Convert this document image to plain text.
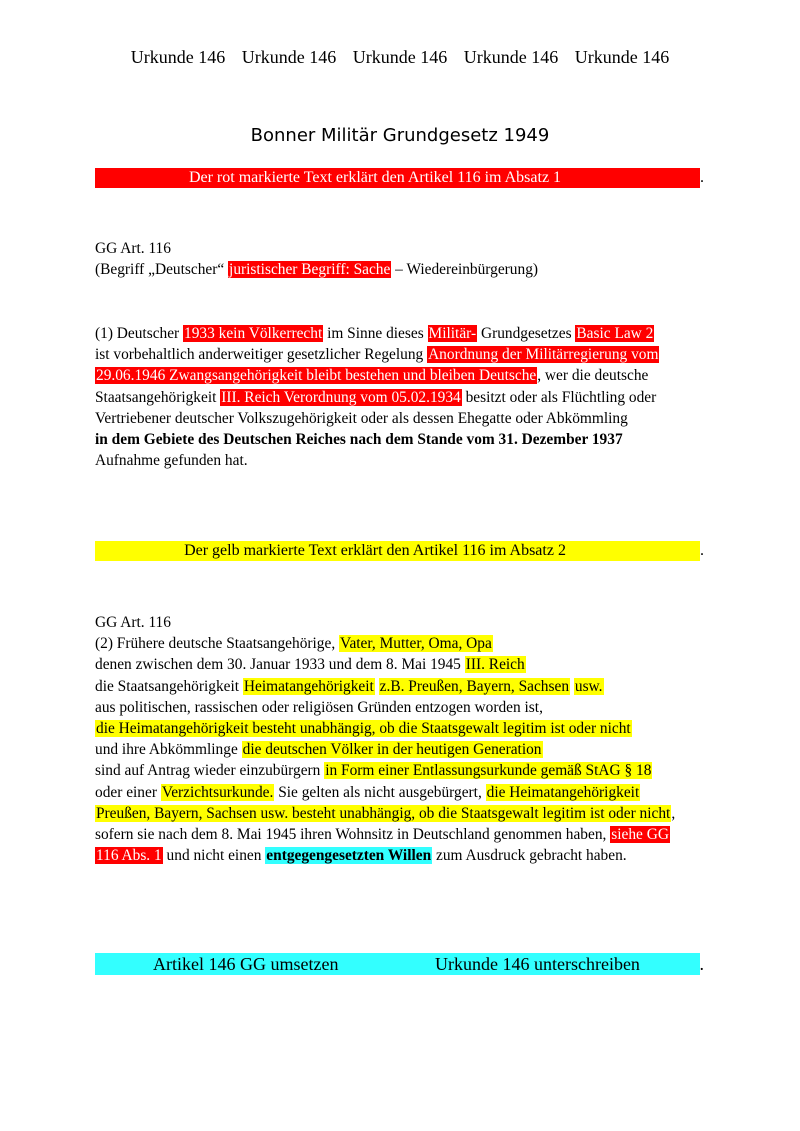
Urkunde 146 Urkunde 146 Urkunde 146 Urkunde 146 Urkunde 146
Bonner Militär Grundgesetz 1949
Der rot markierte Text erklärt den Artikel 116 im Absatz 1	.
GG Art. 116
(Begriff „Deutscher“ juristischer Begriff: Sache – Wiedereinbürgerung)
(1) Deutscher 1933 kein Völkerrecht im Sinne dieses Militär- Grundgesetzes Basic Law 2
ist vorbehaltlich anderweitiger gesetzlicher Regelung Anordnung der Militärregierung vom
29.06.1946 Zwangsangehörigkeit bleibt bestehen und bleiben Deutsche, wer die deutsche
Staatsangehörigkeit III. Reich Verordnung vom 05.02.1934 besitzt oder als Flüchtling oder
Vertriebener deutscher Volkszugehörigkeit oder als dessen Ehegatte oder Abkömmling
in dem Gebiete des Deutschen Reiches nach dem Stande vom 31. Dezember 1937
Aufnahme gefunden hat.
Der gelb markierte Text erklärt den Artikel 116 im Absatz 2	.
GG Art. 116
(2) Frühere deutsche Staatsangehörige, Vater, Mutter, Oma, Opa
denen zwischen dem 30. Januar 1933 und dem 8. Mai 1945 III. Reich
die Staatsangehörigkeit Heimatangehörigkeit z.B. Preußen, Bayern, Sachsen usw.
aus politischen, rassischen oder religiösen Gründen entzogen worden ist,
die Heimatangehörigkeit besteht unabhängig, ob die Staatsgewalt legitim ist oder nicht
und ihre Abkömmlinge die deutschen Völker in der heutigen Generation
sind auf Antrag wieder einzubürgern in Form einer Entlassungsurkunde gemäß StAG § 18
oder einer Verzichtsurkunde. Sie gelten als nicht ausgebürgert, die Heimatangehörigkeit
Preußen, Bayern, Sachsen usw. besteht unabhängig, ob die Staatsgewalt legitim ist oder nicht,
sofern sie nach dem 8. Mai 1945 ihren Wohnsitz in Deutschland genommen haben, siehe GG
116 Abs. 1 und nicht einen entgegengesetzten Willen zum Ausdruck gebracht haben.
Artikel 146 GG umsetzen	Urkunde 146 unterschreiben	.
